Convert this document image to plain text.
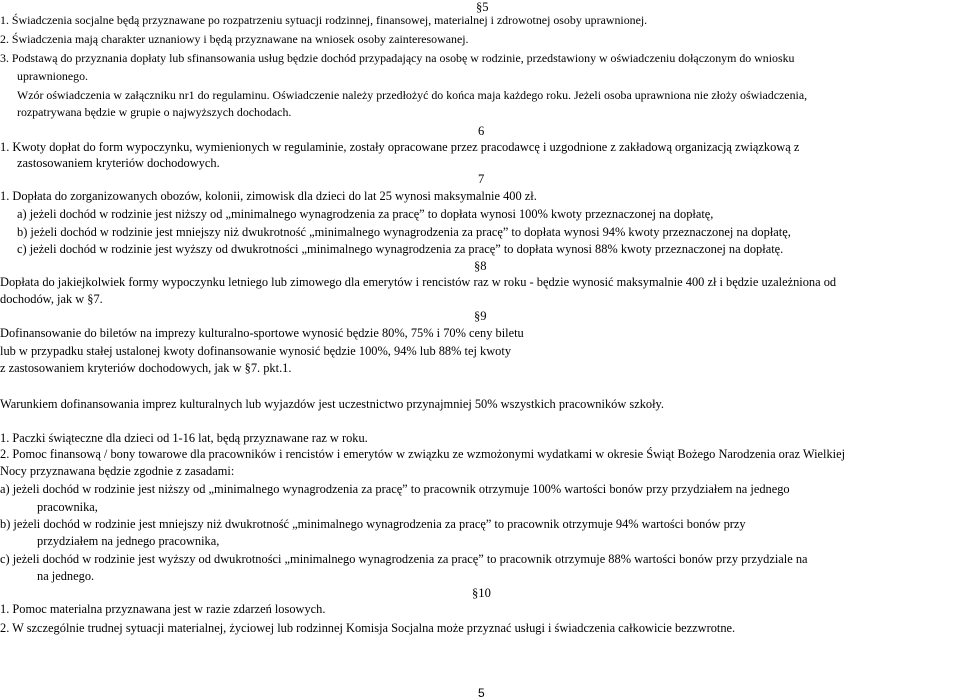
§5
1. Świadczenia socjalne będą przyznawane po rozpatrzeniu sytuacji rodzinnej, finansowej, materialnej i zdrowotnej osoby uprawnionej.
2. Świadczenia mają charakter uznaniowy i będą przyznawane na wniosek osoby zainteresowanej.
3. Podstawą do przyznania dopłaty lub sfinansowania usług będzie dochód przypadający na osobę w rodzinie, przedstawiony w oświadczeniu dołączonym do wniosku
uprawnionego.
Wzór oświadczenia w załączniku nr1 do regulaminu. Oświadczenie należy przedłożyć do końca maja każdego roku. Jeżeli osoba uprawniona nie złoży oświadczenia,
rozpatrywana będzie w grupie o najwyższych dochodach.
6
1. Kwoty dopłat do form wypoczynku, wymienionych w regulaminie, zostały opracowane przez pracodawcę i uzgodnione z zakładową organizacją związkową z
zastosowaniem kryteriów dochodowych.
7
1. Dopłata do zorganizowanych obozów, kolonii, zimowisk dla dzieci do lat 25 wynosi maksymalnie 400 zł.
a) jeżeli dochód w rodzinie jest niższy od „minimalnego wynagrodzenia za pracę” to dopłata wynosi 100% kwoty przeznaczonej na dopłatę,
b) jeżeli dochód w rodzinie jest mniejszy niż dwukrotność „minimalnego wynagrodzenia za pracę” to dopłata wynosi 94% kwoty przeznaczonej na dopłatę,
c) jeżeli dochód w rodzinie jest wyższy od dwukrotności „minimalnego wynagrodzenia za pracę” to dopłata wynosi 88% kwoty przeznaczonej na dopłatę.
§8
Dopłata do jakiejkolwiek formy wypoczynku letniego lub zimowego dla emerytów i rencistów raz w roku - będzie wynosić maksymalnie 400 zł i będzie uzależniona od
dochodów, jak w §7.
§9
Dofinansowanie do biletów na imprezy kulturalno-sportowe wynosić będzie 80%, 75% i 70% ceny biletu
lub w przypadku stałej ustalonej kwoty dofinansowanie wynosić będzie 100%, 94% lub 88% tej kwoty
z zastosowaniem kryteriów dochodowych, jak w §7. pkt.1.
Warunkiem dofinansowania imprez kulturalnych lub wyjazdów jest uczestnictwo przynajmniej 50% wszystkich pracowników szkoły.
1. Paczki świąteczne dla dzieci od 1-16 lat, będą przyznawane raz w roku.
2. Pomoc finansową / bony towarowe dla pracowników i rencistów i emerytów w związku ze wzmożonymi wydatkami w okresie Świąt Bożego Narodzenia oraz Wielkiej
Nocy przyznawana będzie zgodnie z zasadami:
a) jeżeli dochód w rodzinie jest niższy od „minimalnego wynagrodzenia za pracę” to pracownik otrzymuje 100% wartości bonów przy przydziałem na jednego
pracownika,
b) jeżeli dochód w rodzinie jest mniejszy niż dwukrotność „minimalnego wynagrodzenia za pracę” to pracownik otrzymuje 94% wartości bonów przy
przydziałem na jednego pracownika,
c) jeżeli dochód w rodzinie jest wyższy od dwukrotności „minimalnego wynagrodzenia za pracę” to pracownik otrzymuje 88% wartości bonów przy przydziale na
na jednego.
§10
1. Pomoc materialna przyznawana jest w razie zdarzeń losowych.
2. W szczególnie trudnej sytuacji materialnej, życiowej lub rodzinnej Komisja Socjalna może przyznać usługi i świadczenia całkowicie bezzwrotne.
5
